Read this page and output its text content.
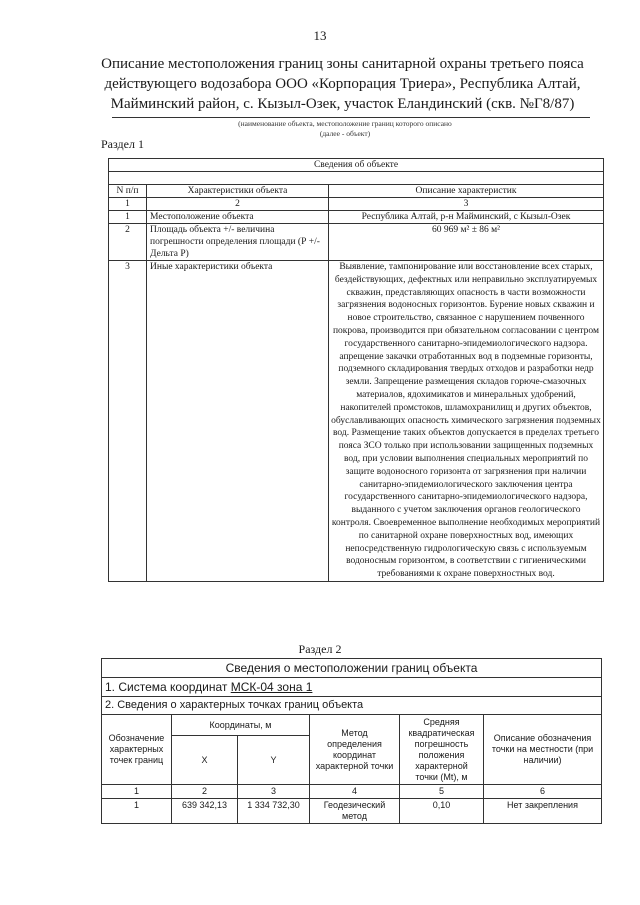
13
Описание местоположения границ зоны санитарной охраны третьего пояса
действующего водозабора ООО «Корпорация Триера», Республика Алтай,
Майминский район, с. Кызыл-Озек, участок Еландинский (скв. №Г8/87)
(наименование объекта, местоположение границ которого описано
(далее - объект)
Раздел 1
Сведения об объекте		

N п/п	Характеристики объекта	Описание характеристик
1	2	3
1	Местоположение объекта	Республика Алтай, р-н Майминский, с Кызыл-Озек
2	Площадь объекта +/- величина погрешности определения площади (Р +/- Дельта Р)	60 969 м² ± 86 м²
3	Иные характеристики объекта	Выявление, тампонирование или восстановление всех старых, бездействующих, дефектных или неправильно эксплуатируемых скважин, представляющих опасность в части возможности загрязнения водоносных горизонтов. Бурение новых скважин и новое строительство, связанное с нарушением почвенного покрова, производится при обязательном согласовании с центром государственного санитарно-эпидемиологического надзора. апрещение закачки отработанных вод в подземные горизонты, подземного складирования твердых отходов и разработки недр земли. Запрещение размещения складов горюче-смазочных материалов, ядохимикатов и минеральных удобрений, накопителей промстоков, шламохранилищ и других объектов, обуславливающих опасность химического загрязнения подземных вод. Размещение таких объектов допускается в пределах третьего пояса ЗСО только при использовании защищенных подземных вод, при условии выполнения специальных мероприятий по защите водоносного горизонта от загрязнения при наличии санитарно-эпидемиологического заключения центра государственного санитарно-эпидемиологического надзора, выданного с учетом заключения органов геологического контроля. Своевременное выполнение необходимых мероприятий по санитарной охране поверхностных вод, имеющих непосредственную гидрологическую связь с используемым водоносным горизонтом, в соответствии с гигиеническими требованиями к охране поверхностных вод.
Раздел 2
Сведения о местоположении границ объекта					
1. Система координат МСК-04 зона 1					
2. Сведения о характерных точках границ объекта					
Обозначение характерных точек границ	Координаты, м		Метод определения координат характерной точки	Средняя квадратическая погрешность положения характерной точки (Mt), м	Описание обозначения точки на местности (при наличии)
	X	Y			
1	2	3	4	5	6
1	639 342,13	1 334 732,30	Геодезический метод	0,10	Нет закрепления
